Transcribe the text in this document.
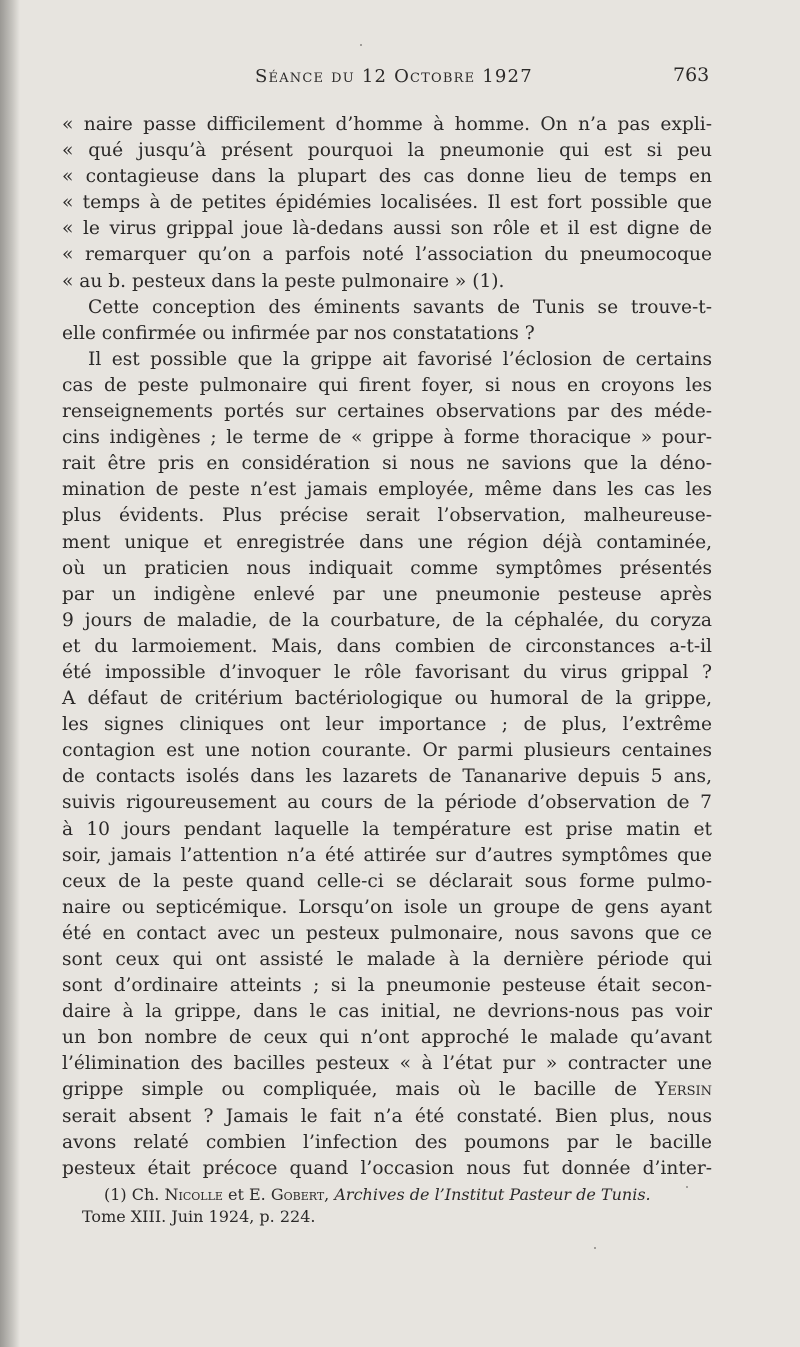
Séance du 12 Octobre 1927	763
« naire passe difficilement d’homme à homme. On n’a pas expli-
« qué jusqu’à présent pourquoi la pneumonie qui est si peu
« contagieuse dans la plupart des cas donne lieu de temps en
« temps à de petites épidémies localisées. Il est fort possible que
« le virus grippal joue là-dedans aussi son rôle et il est digne de
« remarquer qu’on a parfois noté l’association du pneumocoque
« au b. pesteux dans la peste pulmonaire » (1).
Cette conception des éminents savants de Tunis se trouve-t-
elle confirmée ou infirmée par nos constatations ?
Il est possible que la grippe ait favorisé l’éclosion de certains
cas de peste pulmonaire qui firent foyer, si nous en croyons les
renseignements portés sur certaines observations par des méde-
cins indigènes ; le terme de « grippe à forme thoracique » pour-
rait être pris en considération si nous ne savions que la déno-
mination de peste n’est jamais employée, même dans les cas les
plus évidents. Plus précise serait l’observation, malheureuse-
ment unique et enregistrée dans une région déjà contaminée,
où un praticien nous indiquait comme symptômes présentés
par un indigène enlevé par une pneumonie pesteuse après
9 jours de maladie, de la courbature, de la céphalée, du coryza
et du larmoiement. Mais, dans combien de circonstances a-t-il
été impossible d’invoquer le rôle favorisant du virus grippal ?
A défaut de critérium bactériologique ou humoral de la grippe,
les signes cliniques ont leur importance ; de plus, l’extrême
contagion est une notion courante. Or parmi plusieurs centaines
de contacts isolés dans les lazarets de Tananarive depuis 5 ans,
suivis rigoureusement au cours de la période d’observation de 7
à 10 jours pendant laquelle la température est prise matin et
soir, jamais l’attention n’a été attirée sur d’autres symptômes que
ceux de la peste quand celle-ci se déclarait sous forme pulmo-
naire ou septicémique. Lorsqu’on isole un groupe de gens ayant
été en contact avec un pesteux pulmonaire, nous savons que ce
sont ceux qui ont assisté le malade à la dernière période qui
sont d’ordinaire atteints ; si la pneumonie pesteuse était secon-
daire à la grippe, dans le cas initial, ne devrions-nous pas voir
un bon nombre de ceux qui n’ont approché le malade qu’avant
l’élimination des bacilles pesteux « à l’état pur » contracter une
grippe simple ou compliquée, mais où le bacille de Yersin
serait absent ? Jamais le fait n’a été constaté. Bien plus, nous
avons relaté combien l’infection des poumons par le bacille
pesteux était précoce quand l’occasion nous fut donnée d’inter-
(1) Ch. Nicolle et E. Gobert, Archives de l’Institut Pasteur de Tunis.
Tome XIII. Juin 1924, p. 224.
